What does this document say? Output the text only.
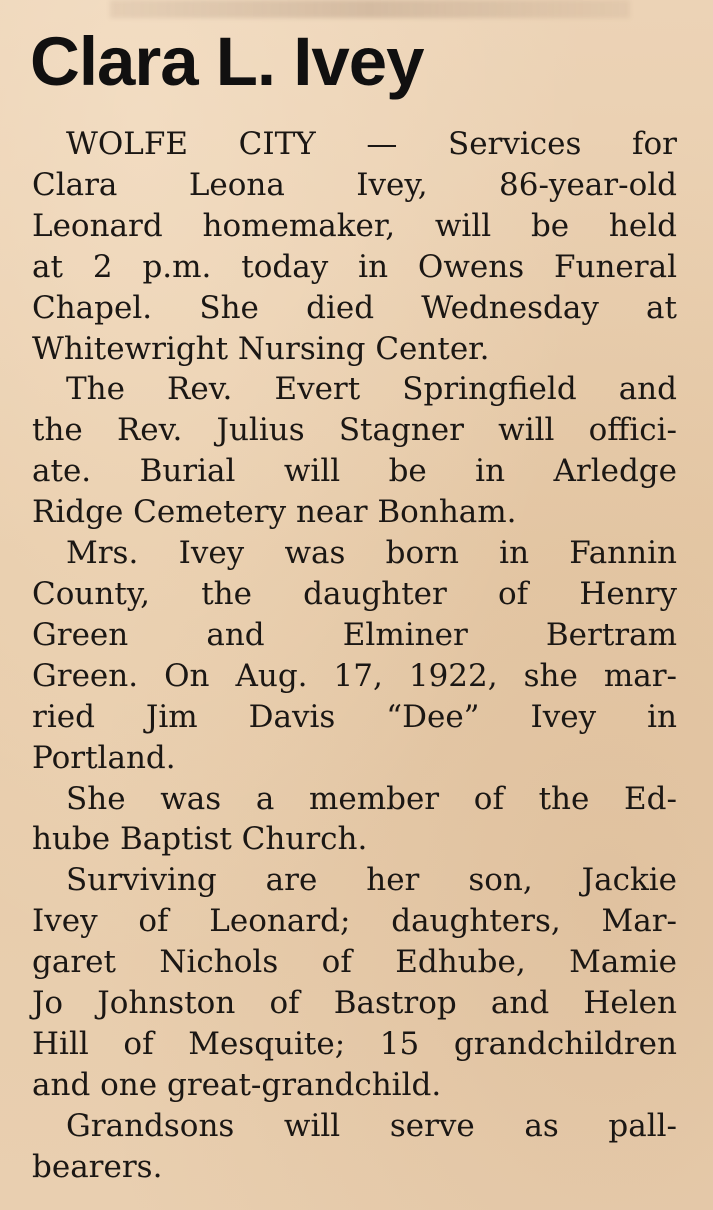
Clara L. Ivey

WOLFE CITY — Services for
Clara Leona Ivey, 86-year-old
Leonard homemaker, will be held
at 2 p.m. today in Owens Funeral
Chapel. She died Wednesday at
Whitewright Nursing Center.

The Rev. Evert Springfield and
the Rev. Julius Stagner will offici-
ate. Burial will be in Arledge
Ridge Cemetery near Bonham.

Mrs. Ivey was born in Fannin
County, the daughter of Henry
Green and Elminer Bertram
Green. On Aug. 17, 1922, she mar-
ried Jim Davis “Dee” Ivey in
Portland.

She was a member of the Ed-
hube Baptist Church.

Surviving are her son, Jackie
Ivey of Leonard; daughters, Mar-
garet Nichols of Edhube, Mamie
Jo Johnston of Bastrop and Helen
Hill of Mesquite; 15 grandchildren
and one great-grandchild.

Grandsons will serve as pall-
bearers.
